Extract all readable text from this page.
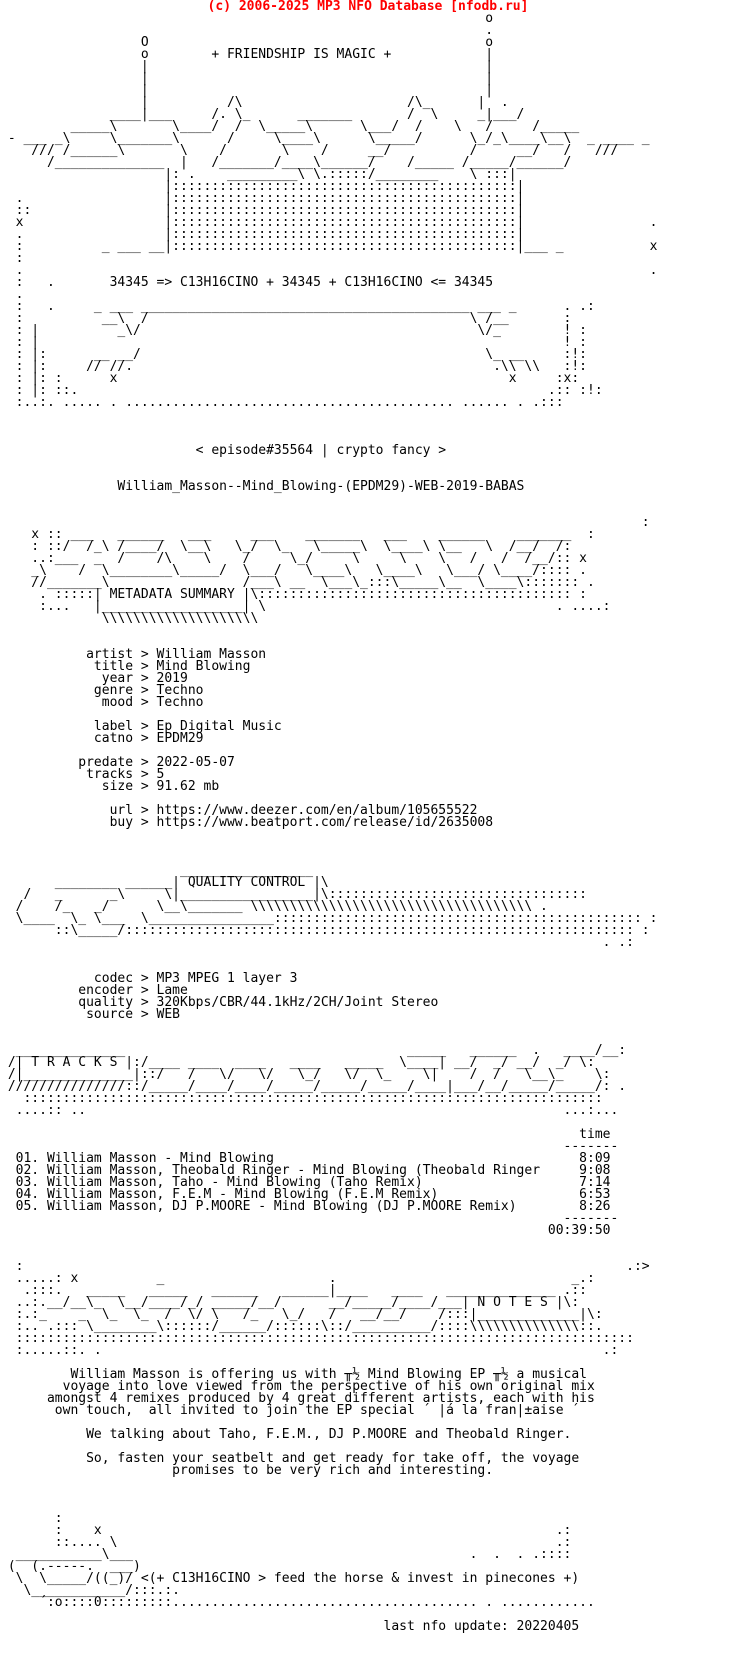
(c) 2006-2025 MP3 NFO Database [nfodb.ru]
o
.
O                                           o
o        + FRIENDSHIP IS MAGIC +            |
|                                           |
|                                           |
|                                           |
|          /\                     /\_      |  .
____|___     /. \_      _______       /  \     _|___/
_____\       \____/  /  \_____\      \___/  /    \   /     /_____
- ___ _\     \_______\      /     \____\      \_____/      \_/_\____\__\  _ ____ _
/// /______\       \    /       \    /     __/          /     __/   /   ///
/______________  |   /_______/____\______/    /_____ /_____/______/
|: .    _________\ \.:::::/________    \ :::|
|::::::::::::::::::::::::::::::::::::::::::::|
.                  |::::::::::::::::::::::::::::::::::::::::::::|
::                 |::::::::::::::::::::::::::::::::::::::::::::|
x                  |::::::::::::::::::::::::::::::::::::::::::::|                .
.                  |::::::::::::::::::::::::::::::::::::::::::::|
:          _ ___ __|::::::::::::::::::::::::::::::::::::::::::::|___ _           x
:
.                                                                                .
:   .       34345 => C13H16CINO + 34345 + C13H16CINO <= 34345
.
:   .     _ ___ __________________________________________ ___ _      . .:
:          __\  /                                         \ /__       :
: |          _\/                                           \/_        ! :
: |                                                                   ! :
: |:      __ __/                                            \_ __     :!:
: |:     // //.                                              .\\ \\   :!:
: |: :      x                                                  x     :x:
: |: ::.                                                            .:: :!:
:..:. ..... . .......................................... ...... . .:::

< episode#35564 | crypto fancy >

William_Masson--Mind_Blowing-(EPDM29)-WEB-2019-BABAS

:
x :: ___   ______   ___     ___    _______   ___    ______    _______  :
: ::/  /_\ /____/  \__\   \_/  \_   \_____\  \____\ \__   \  /__/  /:
..:___  _  /    /\    \    /     \_/     \     \    \   /   /  /__/:: x
_\    /  \________\_____/  \___/   \____\   \____\   \___/ \____/:::: .
//_______\                 /___\ __  \___\_:::\_____\__  \____\::::::: .
. :::::| METADATA SUMMARY |\:::::::::::::::::::::::::::::::::::::::: :
:...   |__________________| \                                     . ....:
\\\\\\\\\\\\\\\\\\\\

artist > William Masson
title > Mind Blowing
year > 2019
genre > Techno
mood > Techno

label > Ep Digital Music
catno > EPDM29

predate > 2022-05-07
tracks > 5
size > 91.62 mb

url > https://www.deezer.com/en/album/105655522
buy > https://www.beatport.com/release/id/2635008

_________________
________ ______| QUALITY CONTROL |\
/   _      _\     \|_________________|\:::::::::::::::::::::::::::::::::
/    /_   _/      \__\_______ \\\\\\\\\\\\\\\\\\\\\\\\\\\\\\\\\\\\ .
\____  \_ \___  \________________::::::::::::::::::::::::::::::::::::::::::::::: :
::\_____/::::::::::::::::::::::::::::::::::::::::::::::::::::::::::::::::: :
. .:

codec > MP3 MPEG 1 layer 3
encoder > Lame
quality > 320Kbps/CBR/44.1kHz/2CH/Joint Stereo
source > WEB

______________                                    _____   ______  .   ____/__:
/| T R A C K S |:/____ ____  ____   ____   _____  \____| __/  _/ __/  _/ \:
/|______________|::/   /   \/   \/   \_/   \/  \_    \|    /  /   \__\_    \:
///////////////::/_____/____/____/_____/_____/_____/____|___/__/_____/_____/: .
::::::::::::::::::::::::::::::::::::::::::::::::::::::::::::::::::::::::::
....:: ..                                                             ...:...

time
-------
01. William Masson - Mind Blowing                                       8:09
02. William Masson, Theobald Ringer - Mind Blowing (Theobald Ringer     9:08
03. William Masson, Taho - Mind Blowing (Taho Remix)                    7:14
04. William Masson, F.E.M - Mind Blowing (F.E.M Remix)                  6:53
05. William Masson, DJ P.MOORE - Mind Blowing (DJ P.MOORE Remix)        8:26
-------
00:39:50

:                                                                             .:>
.....: x          _                     .                              _.:
.:::.   _____   _____   ______   ______|____   ____   ______________ .::
..:.__/__\_  \__/____/_/ _____/__/      __/_____/____/___| N O T E S |\:
:.:_    _  \_  \_  /  \/ \   /_   \_/   /   __/__/    /:::|_____________|\:
:.. .::: \________\::::::/______/::::::\::/__________/::::\\\\\\\\\\\\\\::.
:::::::::::::::::::::::::::::::::::::::::::::::::::::::::::::::::::::::::::::::
:.....::. .                                                                .:

William Masson is offering us with ╥½ Mind Blowing EP ╥½ a musical
voyage into love viewed from the perspective of his own original mix
amongst 4 remixes produced by 4 great different artists, each with his
own touch,  all invited to join the EP special ´ |á la fran|±aise ´

We talking about Taho, F.E.M., DJ P.MOORE and Theobald Ringer.

So, fasten your seatbelt and get ready for take off, the voyage
promises to be very rich and interesting.

:
:    x                                                          .:
::.... \                                                        .:
___________\___                                           .  .  . .::::
(  (.-----.  ___)
\  \_____/((_)/ <(+ C13H16CINO > feed the horse & invest in pinecones +)
\____________/:::.:.
´:o::::0:::::::::....................................... . ............

last nfo update: 20220405
